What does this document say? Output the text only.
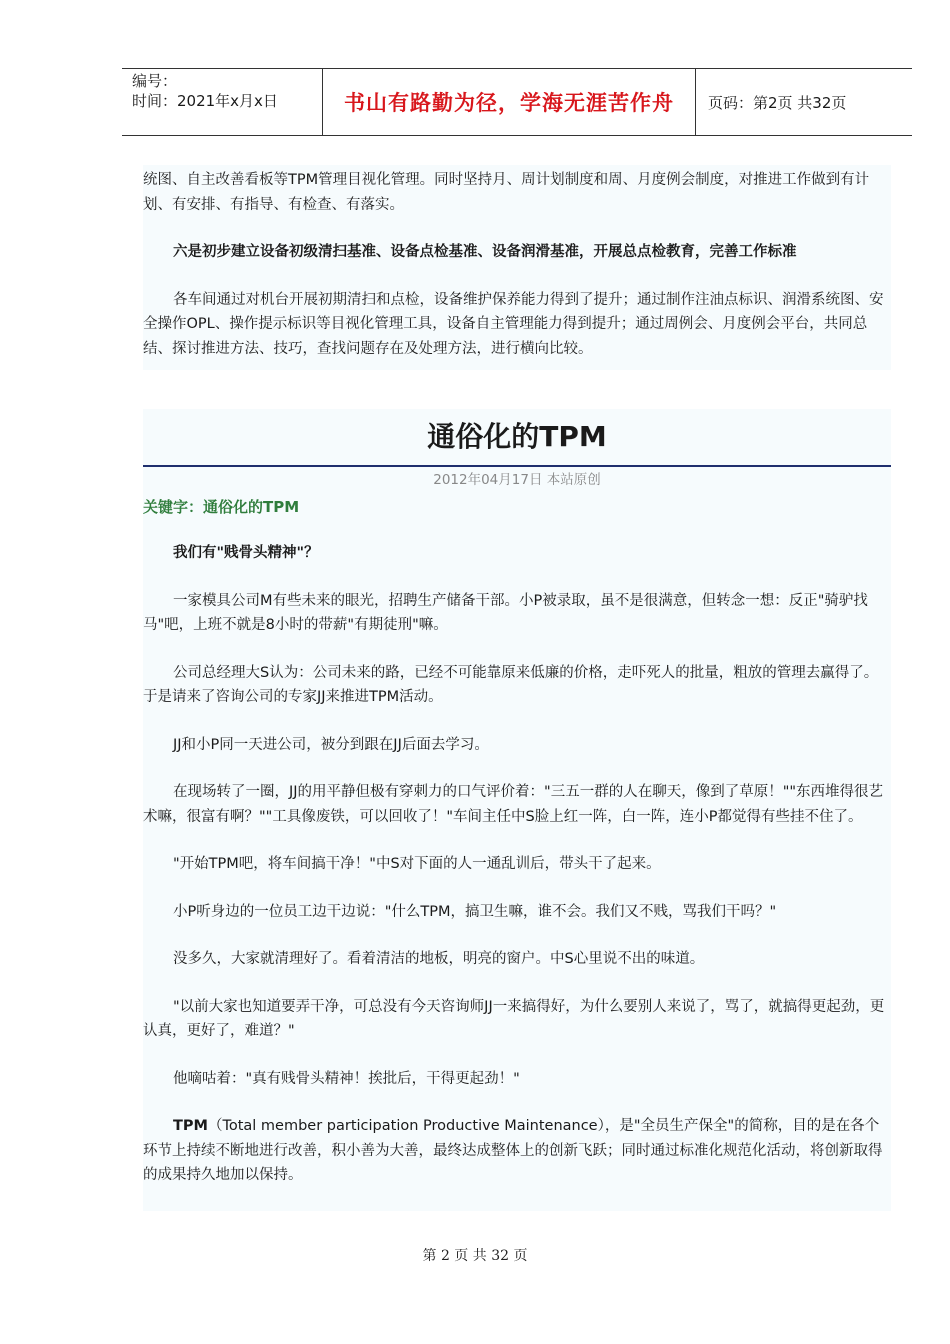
编号：
时间：2021年x月x日	书山有路勤为径，学海无涯苦作舟	页码：第2页 共32页

统图、自主改善看板等TPM管理目视化管理。同时坚持月、周计划制度和周、月度例会制度，对推进工作做到有计划、有安排、有指导、有检查、有落实。

六是初步建立设备初级清扫基准、设备点检基准、设备润滑基准，开展总点检教育，完善工作标准

各车间通过对机台开展初期清扫和点检，设备维护保养能力得到了提升；通过制作注油点标识、润滑系统图、安全操作OPL、操作提示标识等目视化管理工具，设备自主管理能力得到提升；通过周例会、月度例会平台，共同总结、探讨推进方法、技巧，查找问题存在及处理方法，进行横向比较。

通俗化的TPM

2012年04月17日 本站原创

关键字：通俗化的TPM

我们有"贱骨头精神"？

一家模具公司M有些未来的眼光，招聘生产储备干部。小P被录取，虽不是很满意，但转念一想：反正"骑驴找马"吧，上班不就是8小时的带薪"有期徒刑"嘛。

公司总经理大S认为：公司未来的路，已经不可能靠原来低廉的价格，走吓死人的批量，粗放的管理去赢得了。于是请来了咨询公司的专家JJ来推进TPM活动。

JJ和小P同一天进公司，被分到跟在JJ后面去学习。

在现场转了一圈，JJ的用平静但极有穿刺力的口气评价着："三五一群的人在聊天，像到了草原！""东西堆得很艺术嘛，很富有啊？""工具像废铁，可以回收了！"车间主任中S脸上红一阵，白一阵，连小P都觉得有些挂不住了。

"开始TPM吧，将车间搞干净！"中S对下面的人一通乱训后，带头干了起来。

小P听身边的一位员工边干边说："什么TPM，搞卫生嘛，谁不会。我们又不贱，骂我们干吗？"

没多久，大家就清理好了。看着清洁的地板，明亮的窗户。中S心里说不出的味道。

"以前大家也知道要弄干净，可总没有今天咨询师JJ一来搞得好，为什么要别人来说了，骂了，就搞得更起劲，更认真，更好了，难道？"

他嘀咕着："真有贱骨头精神！挨批后，干得更起劲！"

TPM（Total member participation Productive Maintenance），是"全员生产保全"的简称，目的是在各个环节上持续不断地进行改善，积小善为大善，最终达成整体上的创新飞跃；同时通过标准化规范化活动，将创新取得的成果持久地加以保持。

第 2 页 共 32 页
